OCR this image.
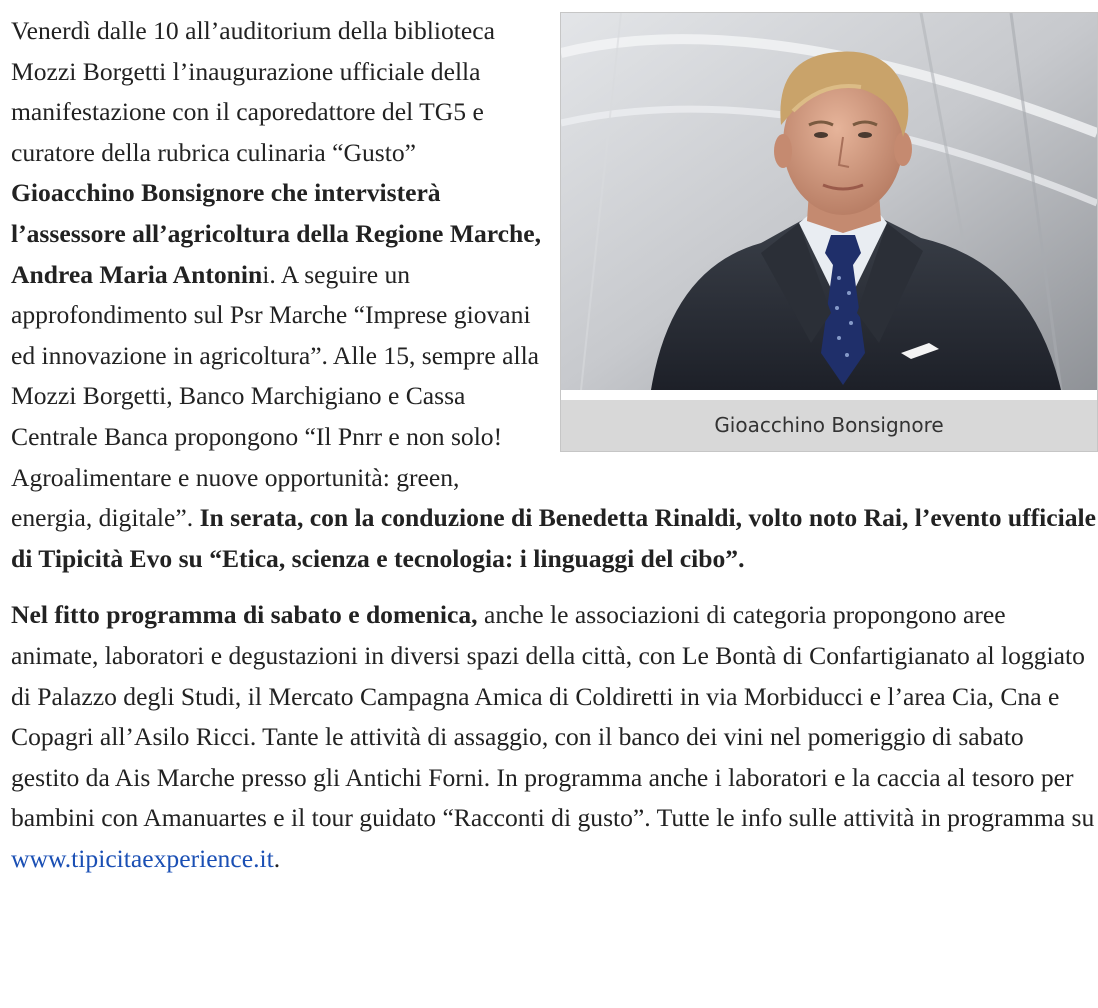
Gioacchino Bonsignore

Venerdì dalle 10 all’auditorium della biblioteca Mozzi Borgetti l’inaugurazione ufficiale della manifestazione con il caporedattore del TG5 e curatore della rubrica culinaria “Gusto” Gioacchino Bonsignore che intervisterà l’assessore all’agricoltura della Regione Marche, Andrea Maria Antonini. A seguire un approfondimento sul Psr Marche “Imprese giovani ed innovazione in agricoltura”. Alle 15, sempre alla Mozzi Borgetti, Banco Marchigiano e Cassa Centrale Banca propongono “Il Pnrr e non solo! Agroalimentare e nuove opportunità: green, energia, digitale”. In serata, con la conduzione di Benedetta Rinaldi, volto noto Rai, l’evento ufficiale di Tipicità Evo su “Etica, scienza e tecnologia: i linguaggi del cibo”.

Nel fitto programma di sabato e domenica, anche le associazioni di categoria propongono aree animate, laboratori e degustazioni in diversi spazi della città, con Le Bontà di Confartigianato al loggiato di Palazzo degli Studi, il Mercato Campagna Amica di Coldiretti in via Morbiducci e l’area Cia, Cna e Copagri all’Asilo Ricci. Tante le attività di assaggio, con il banco dei vini nel pomeriggio di sabato gestito da Ais Marche presso gli Antichi Forni. In programma anche i laboratori e la caccia al tesoro per bambini con Amanuartes e il tour guidato “Racconti di gusto”. Tutte le info sulle attività in programma su www.tipicitaexperience.it.
